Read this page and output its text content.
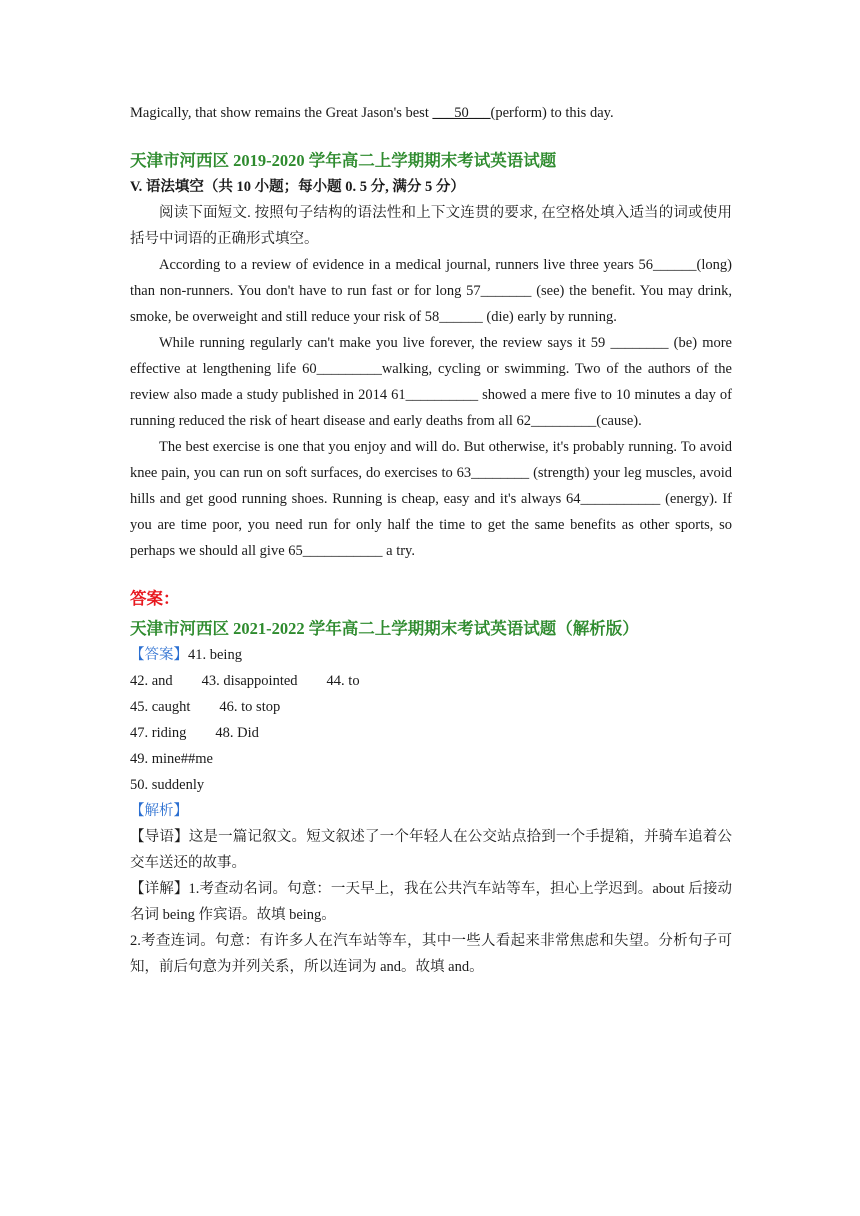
Magically, that show remains the Great Jason's best ___50___(perform) to this day.

天津市河西区 2019-2020 学年高二上学期期末考试英语试题

V. 语法填空（共 10 小题；每小题 0. 5 分, 满分 5 分）

阅读下面短文. 按照句子结构的语法性和上下文连贯的要求, 在空格处填入适当的词或使用括号中词语的正确形式填空。

According to a review of evidence in a medical journal, runners live three years 56______(long) than non-runners. You don't have to run fast or for long 57_______ (see) the benefit. You may drink, smoke, be overweight and still reduce your risk of 58______ (die) early by running.

While running regularly can't make you live forever, the review says it 59 ________ (be) more effective at lengthening life 60_________walking, cycling or swimming. Two of the authors of the review also made a study published in 2014 61__________ showed a mere five to 10 minutes a day of running reduced the risk of heart disease and early deaths from all 62_________(cause).

The best exercise is one that you enjoy and will do. But otherwise, it's probably running. To avoid knee pain, you can run on soft surfaces, do exercises to 63________ (strength) your leg muscles, avoid hills and get good running shoes. Running is cheap, easy and it's always 64___________ (energy). If you are time poor, you need run for only half the time to get the same benefits as other sports, so perhaps we should all give 65___________ a try.

答案：

天津市河西区 2021-2022 学年高二上学期期末考试英语试题（解析版）

【答案】41. being

42. and        43. disappointed        44. to

45. caught        46. to stop

47. riding        48. Did

49. mine##me

50. suddenly

【解析】

【导语】这是一篇记叙文。短文叙述了一个年轻人在公交站点拾到一个手提箱，并骑车追着公交车送还的故事。

【详解】1.考查动名词。句意：一天早上，我在公共汽车站等车，担心上学迟到。about 后接动名词 being 作宾语。故填 being。

2.考查连词。句意：有许多人在汽车站等车，其中一些人看起来非常焦虑和失望。分析句子可知，前后句意为并列关系，所以连词为 and。故填 and。
